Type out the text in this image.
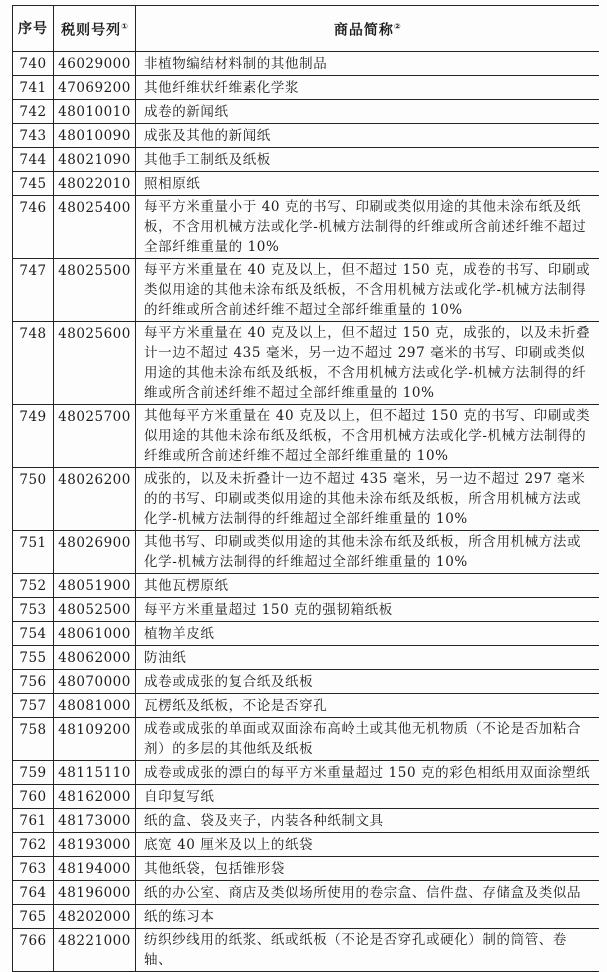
序号	税则号列①	商品简称②
740	46029000	非植物编结材料制的其他制品
741	47069200	其他纤维状纤维素化学浆
742	48010010	成卷的新闻纸
743	48010090	成张及其他的新闻纸
744	48021090	其他手工制纸及纸板
745	48022010	照相原纸
746	48025400	每平方米重量小于 40 克的书写、印刷或类似用途的其他未涂布纸及纸板，不含用机械方法或化学-机械方法制得的纤维或所含前述纤维不超过全部纤维重量的 10%
747	48025500	每平方米重量在 40 克及以上，但不超过 150 克，成卷的书写、印刷或类似用途的其他未涂布纸及纸板，不含用机械方法或化学-机械方法制得的纤维或所含前述纤维不超过全部纤维重量的 10%
748	48025600	每平方米重量在 40 克及以上，但不超过 150 克，成张的，以及未折叠计一边不超过 435 毫米，另一边不超过 297 毫米的书写、印刷或类似用途的其他未涂布纸及纸板，不含用机械方法或化学-机械方法制得的纤维或所含前述纤维不超过全部纤维重量的 10%
749	48025700	其他每平方米重量在 40 克及以上，但不超过 150 克的书写、印刷或类似用途的其他未涂布纸及纸板，不含用机械方法或化学-机械方法制得的纤维或所含前述纤维不超过全部纤维重量的 10%
750	48026200	成张的，以及未折叠计一边不超过 435 毫米，另一边不超过 297 毫米的的书写、印刷或类似用途的其他未涂布纸及纸板，所含用机械方法或化学-机械方法制得的纤维超过全部纤维重量的 10%
751	48026900	其他书写、印刷或类似用途的其他未涂布纸及纸板，所含用机械方法或化学-机械方法制得的纤维超过全部纤维重量的 10%
752	48051900	其他瓦楞原纸
753	48052500	每平方米重量超过 150 克的强韧箱纸板
754	48061000	植物羊皮纸
755	48062000	防油纸
756	48070000	成卷或成张的复合纸及纸板
757	48081000	瓦楞纸及纸板，不论是否穿孔
758	48109200	成卷或成张的单面或双面涂布高岭土或其他无机物质（不论是否加粘合剂）的多层的其他纸及纸板
759	48115110	成卷或成张的漂白的每平方米重量超过 150 克的彩色相纸用双面涂塑纸
760	48162000	自印复写纸
761	48173000	纸的盒、袋及夹子，内装各种纸制文具
762	48193000	底宽 40 厘米及以上的纸袋
763	48194000	其他纸袋，包括锥形袋
764	48196000	纸的办公室、商店及类似场所使用的卷宗盒、信件盘、存储盒及类似品
765	48202000	纸的练习本
766	48221000	纺织纱线用的纸浆、纸或纸板（不论是否穿孔或硬化）制的筒管、卷轴、
